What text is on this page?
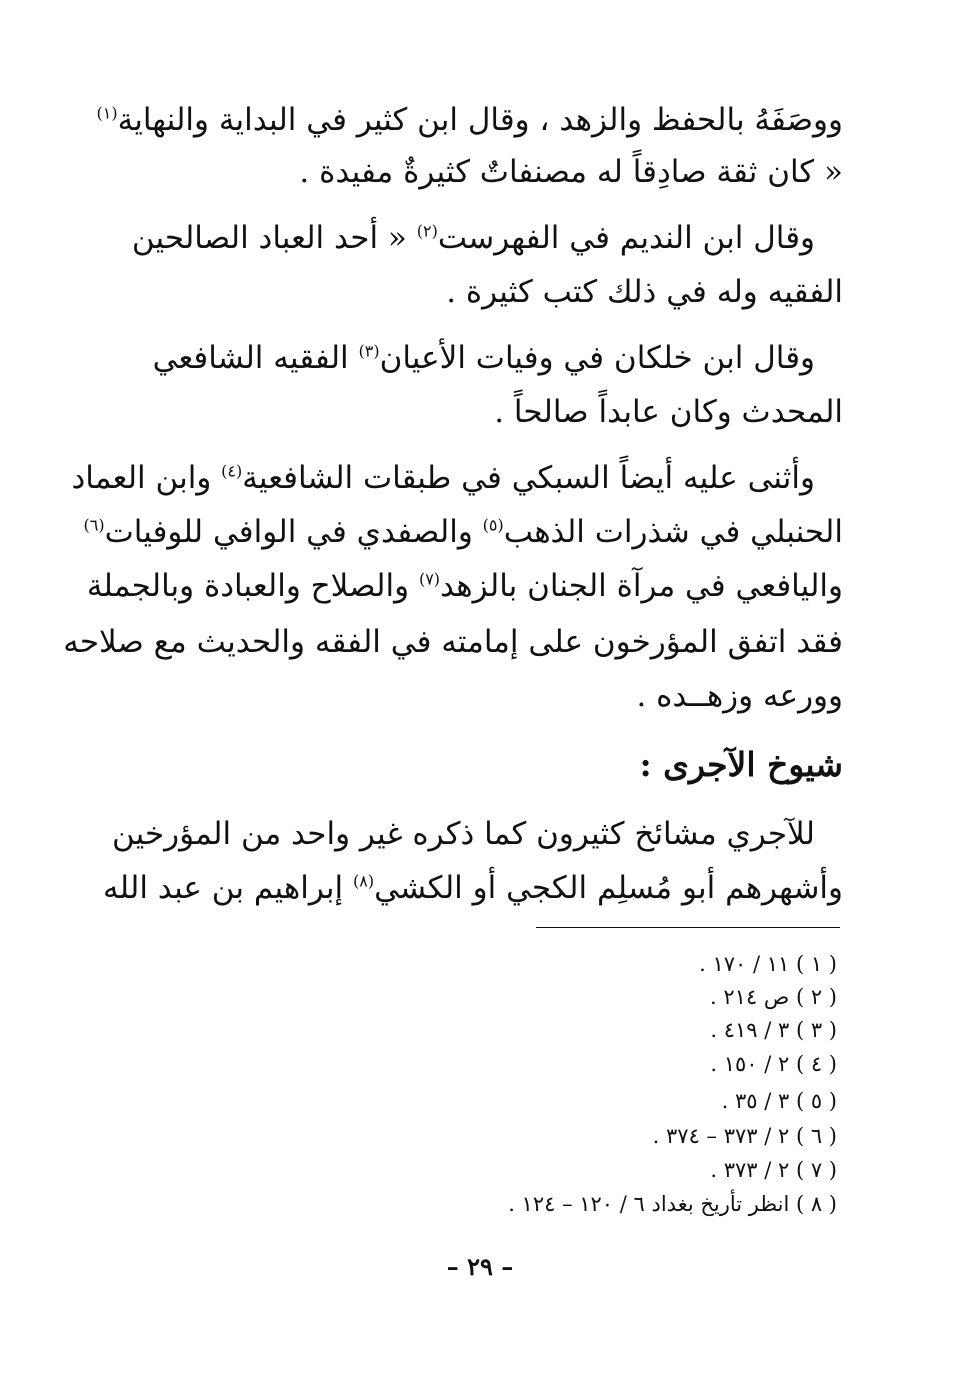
ووصَفَهُ بالحفظ والزهد ، وقال ابن كثير في البداية والنهاية$^{(١)}$
« كان ثقة صادِقاً له مصنفاتٌ كثيرةٌ مفيدة .
وقال ابن النديم في الفهرست$^{(٢)}$ « أحد العباد الصالحين
الفقيه وله في ذلك كتب كثيرة .
وقال ابن خلكان في وفيات الأعيان$^{(٣)}$ الفقيه الشافعي
المحدث وكان عابداً صالحاً .
وأثنى عليه أيضاً السبكي في طبقات الشافعية$^{(٤)}$ وابن العماد
الحنبلي في شذرات الذهب$^{(٥)}$ والصفدي في الوافي للوفيات$^{(٦)}$
واليافعي في مرآة الجنان بالزهد$^{(٧)}$ والصلاح والعبادة وبالجملة
فقد اتفق المؤرخون على إمامته في الفقه والحديث مع صلاحه
وورعه وزهــده .
شيوخ الآجرى :
للآجري مشائخ كثيرون كما ذكره غير واحد من المؤرخين
وأشهرهم أبو مُسلِم الكجي أو الكشي$^{(٨)}$ إبراهيم بن عبد الله
( ١ ) ١١ / ١٧٠ .
( ٢ ) ص ٢١٤ .
( ٣ ) ٣ / ٤١٩ .
( ٤ ) ٢ / ١٥٠ .
( ٥ ) ٣ / ٣٥ .
( ٦ ) ٢ / ٣٧٣ – ٣٧٤ .
( ٧ ) ٢ / ٣٧٣ .
( ٨ ) انظر تأريخ بغداد ٦ / ١٢٠ – ١٢٤ .
– ٢٩ –
